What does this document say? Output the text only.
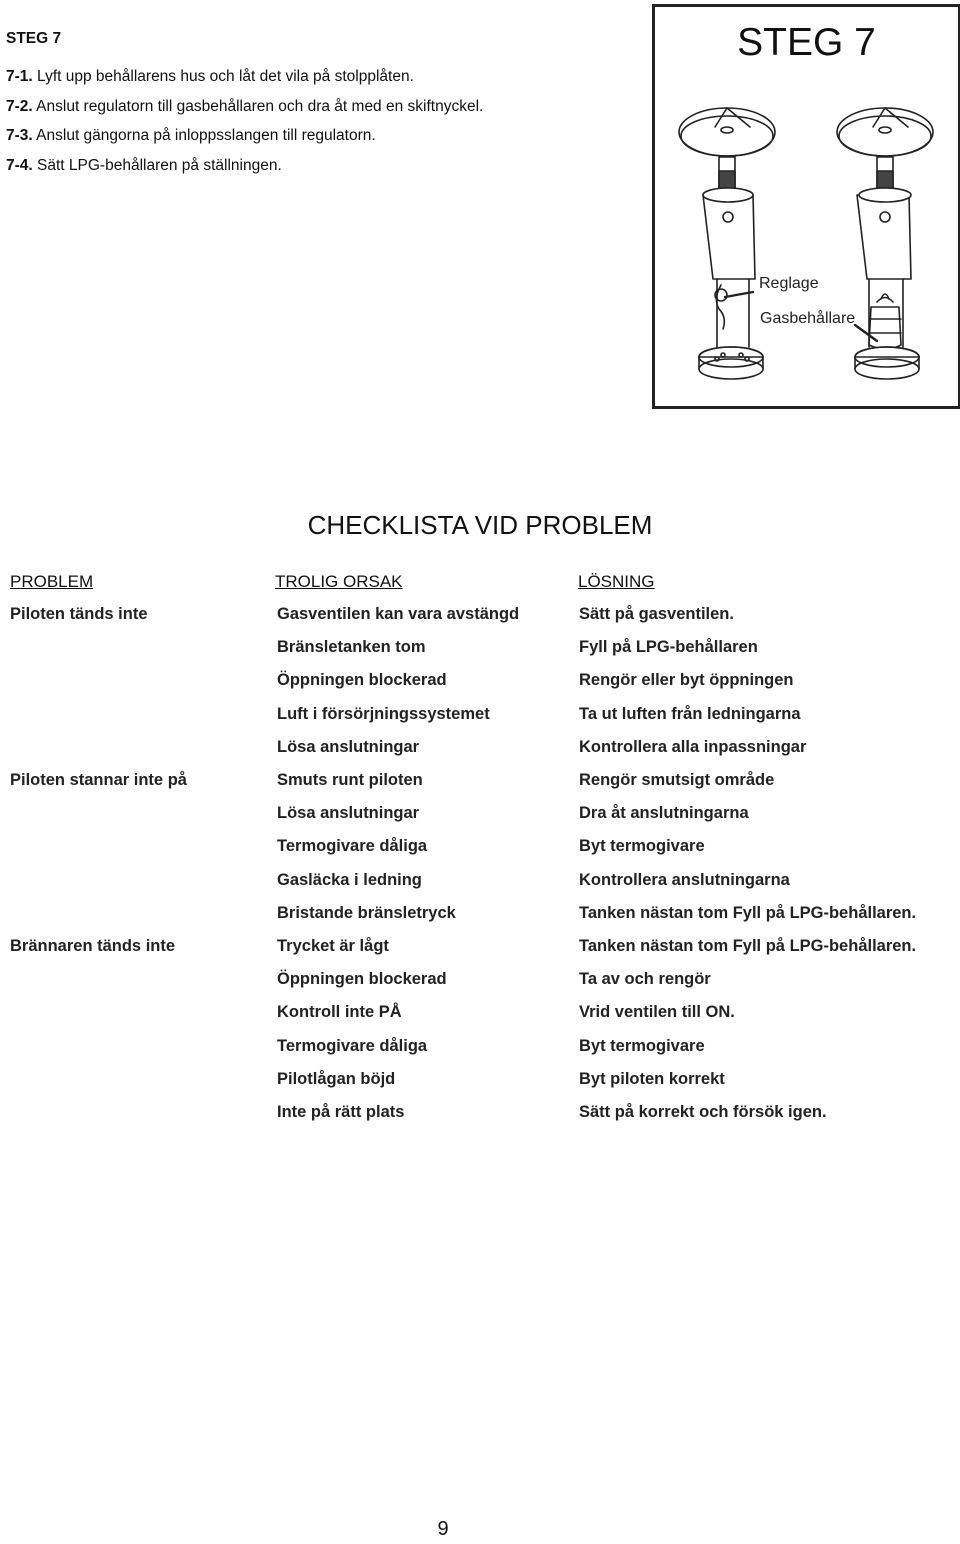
STEG 7
7-1. Lyft upp behållarens hus och låt det vila på stolpplåten.
7-2. Anslut regulatorn till gasbehållaren och dra åt med en skiftnyckel.
7-3. Anslut gängorna på inloppsslangen till regulatorn.
7-4. Sätt LPG-behållaren på ställningen.
STEG 7
Reglage
Gasbehållare
CHECKLISTA VID PROBLEM
PROBLEM	TROLIG ORSAK	LÖSNING
Piloten tänds inte	Gasventilen kan vara avstängd	Sätt på gasventilen.
Bränsletanken tom	Fyll på LPG-behållaren
Öppningen blockerad	Rengör eller byt öppningen
Luft i försörjningssystemet	Ta ut luften från ledningarna
Lösa anslutningar	Kontrollera alla inpassningar
Piloten stannar inte på	Smuts runt piloten	Rengör smutsigt område
Lösa anslutningar	Dra åt anslutningarna
Termogivare dåliga	Byt termogivare
Gasläcka i ledning	Kontrollera anslutningarna
Bristande bränsletryck	Tanken nästan tom Fyll på LPG-behållaren.
Brännaren tänds inte	Trycket är lågt	Tanken nästan tom Fyll på LPG-behållaren.
Öppningen blockerad	Ta av och rengör
Kontroll inte PÅ	Vrid ventilen till ON.
Termogivare dåliga	Byt termogivare
Pilotlågan böjd	Byt piloten korrekt
Inte på rätt plats	Sätt på korrekt och försök igen.
9
